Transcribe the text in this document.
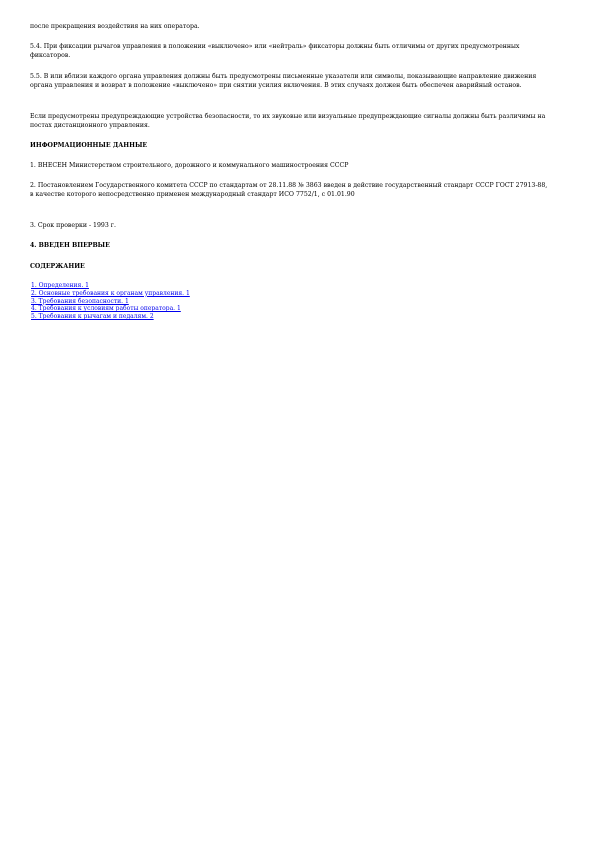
после прекращения воздействия на них оператора.

5.4. При фиксации рычагов управления в положении «выключено» или «нейтраль» фиксаторы должны быть отличимы от других предусмотренных фиксаторов.

5.5. В или вблизи каждого органа управления должны быть предусмотрены письменные указатели или символы, показывающие направление движения органа управления и возврат в положение «выключено» при снятии усилия включения. В этих случаях должен быть обеспечен аварийный останов.

Если предусмотрены предупреждающие устройства безопасности, то их звуковые или визуальные предупреждающие сигналы должны быть различимы на постах дистанционного управления.

ИНФОРМАЦИОННЫЕ ДАННЫЕ

1. ВНЕСЕН Министерством строительного, дорожного и коммунального машиностроения СССР

2. Постановлением Государственного комитета СССР по стандартам от 28.11.88 № 3863 введен в действие государственный стандарт СССР ГОСТ 27913-88, в качестве которого непосредственно применен международный стандарт ИСО 7752/1, с 01.01.90

3. Срок проверки - 1993 г.

4. ВВЕДЕН ВПЕРВЫЕ

СОДЕРЖАНИЕ

1. Определения. 1
2. Основные требования к органам управления. 1
3. Требования безопасности. 1
4. Требования к условиям работы оператора. 1
5. Требования к рычагам и педалям. 2
